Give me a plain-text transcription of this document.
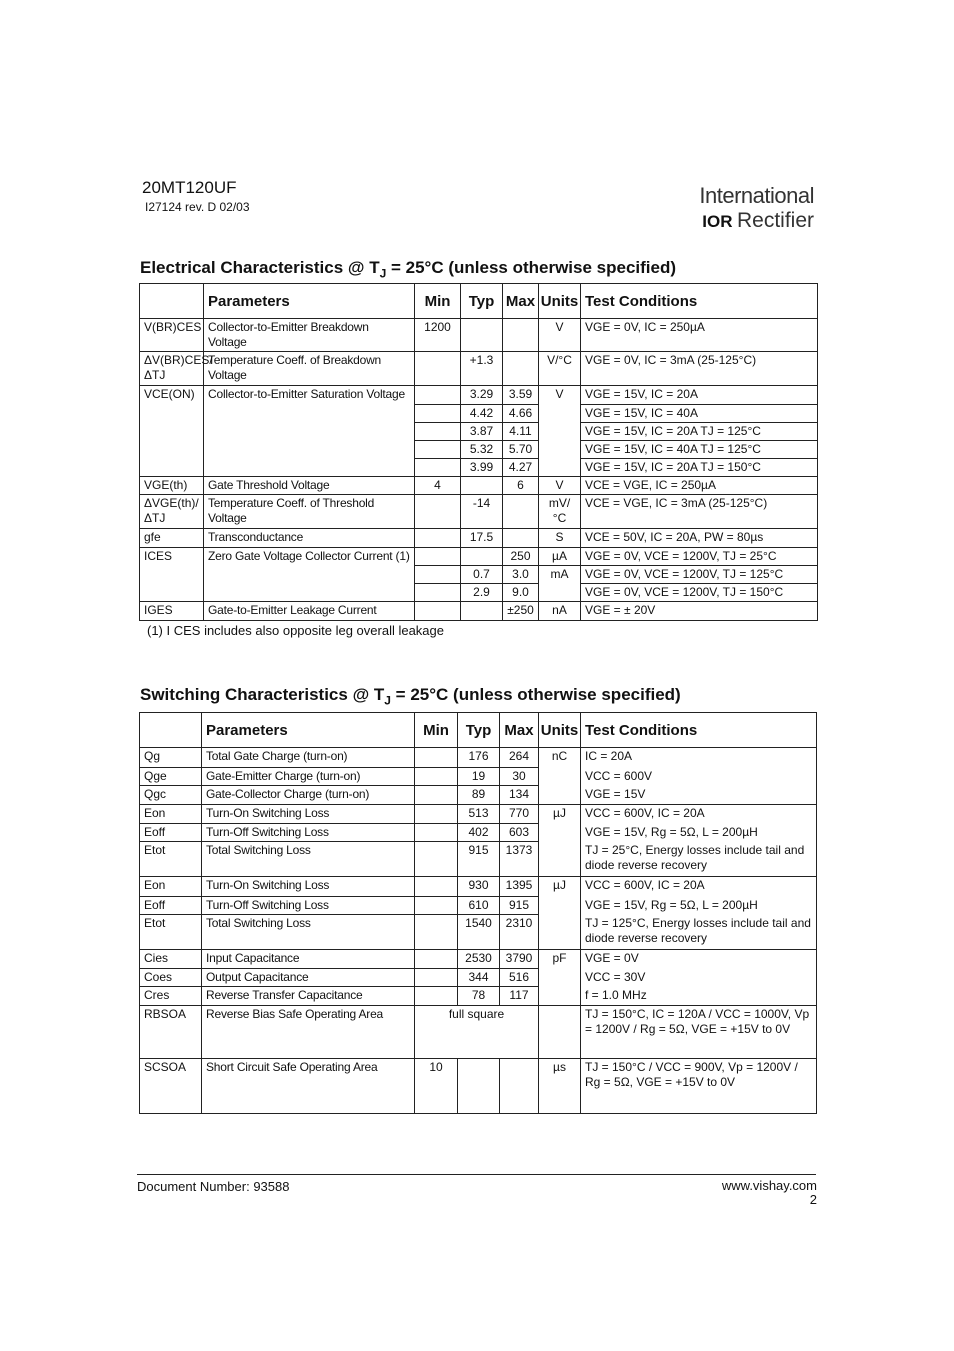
20MT120UF
I27124 rev. D 02/03	International
IOR Rectifier
Electrical Characteristics @ $T_J = 25^\circ C$ (unless otherwise specified)
	Parameters	Min	Typ	Max	Units	Test Conditions
V(BR)CES	Collector-to-Emitter Breakdown Voltage	1200			V	VGE = 0V, IC = 250µA
ΔV(BR)CES/ΔTJ	Temperature Coeff. of Breakdown Voltage		+1.3		V/°C	VGE = 0V, IC = 3mA (25-125°C)
VCE(ON)	Collector-to-Emitter Saturation Voltage		3.29	3.59	V	VGE = 15V, IC = 20A
			4.42	4.66		VGE = 15V, IC = 40A
			3.87	4.11		VGE = 15V, IC = 20A TJ = 125°C
			5.32	5.70		VGE = 15V, IC = 40A TJ = 125°C
			3.99	4.27		VGE = 15V, IC = 20A TJ = 150°C
VGE(th)	Gate Threshold Voltage	4		6	V	VCE = VGE, IC = 250µA
ΔVGE(th)/ΔTJ	Temperature Coeff. of Threshold Voltage		-14		mV/°C	VCE = VGE, IC = 3mA (25-125°C)
gfe	Transconductance		17.5		S	VCE = 50V, IC = 20A, PW = 80µs
ICES	Zero Gate Voltage Collector Current (1)			250	µA	VGE = 0V, VCE = 1200V, TJ = 25°C
			0.7	3.0	mA	VGE = 0V, VCE = 1200V, TJ = 125°C
			2.9	9.0		VGE = 0V, VCE = 1200V, TJ = 150°C
IGES	Gate-to-Emitter Leakage Current			±250	nA	VGE = ± 20V
(1) I CES includes also opposite leg overall leakage
Switching Characteristics @ $T_J = 25^\circ C$ (unless otherwise specified)
	Parameters	Min	Typ	Max	Units	Test Conditions
Qg	Total Gate Charge (turn-on)		176	264	nC	IC = 20A
Qge	Gate-Emitter Charge (turn-on)		19	30		VCC = 600V
Qgc	Gate-Collector Charge (turn-on)		89	134		VGE = 15V
Eon	Turn-On Switching Loss		513	770	µJ	VCC = 600V, IC = 20A
Eoff	Turn-Off Switching Loss		402	603		VGE = 15V, Rg = 5Ω, L = 200µH
Etot	Total Switching Loss		915	1373		TJ = 25°C, Energy losses include tail and diode reverse recovery
Eon	Turn-On Switching Loss		930	1395	µJ	VCC = 600V, IC = 20A
Eoff	Turn-Off Switching Loss		610	915		VGE = 15V, Rg = 5Ω, L = 200µH
Etot	Total Switching Loss		1540	2310		TJ = 125°C, Energy losses include tail and diode reverse recovery
Cies	Input Capacitance		2530	3790	pF	VGE = 0V
Coes	Output Capacitance		344	516		VCC = 30V
Cres	Reverse Transfer Capacitance		78	117		f = 1.0 MHz
RBSOA	Reverse Bias Safe Operating Area	full square				TJ = 150°C, IC = 120A / VCC = 1000V, Vp = 1200V / Rg = 5Ω, VGE = +15V to 0V
SCSOA	Short Circuit Safe Operating Area	10			µs	TJ = 150°C / VCC = 900V, Vp = 1200V / Rg = 5Ω, VGE = +15V to 0V
Document Number: 93588	www.vishay.com
2
